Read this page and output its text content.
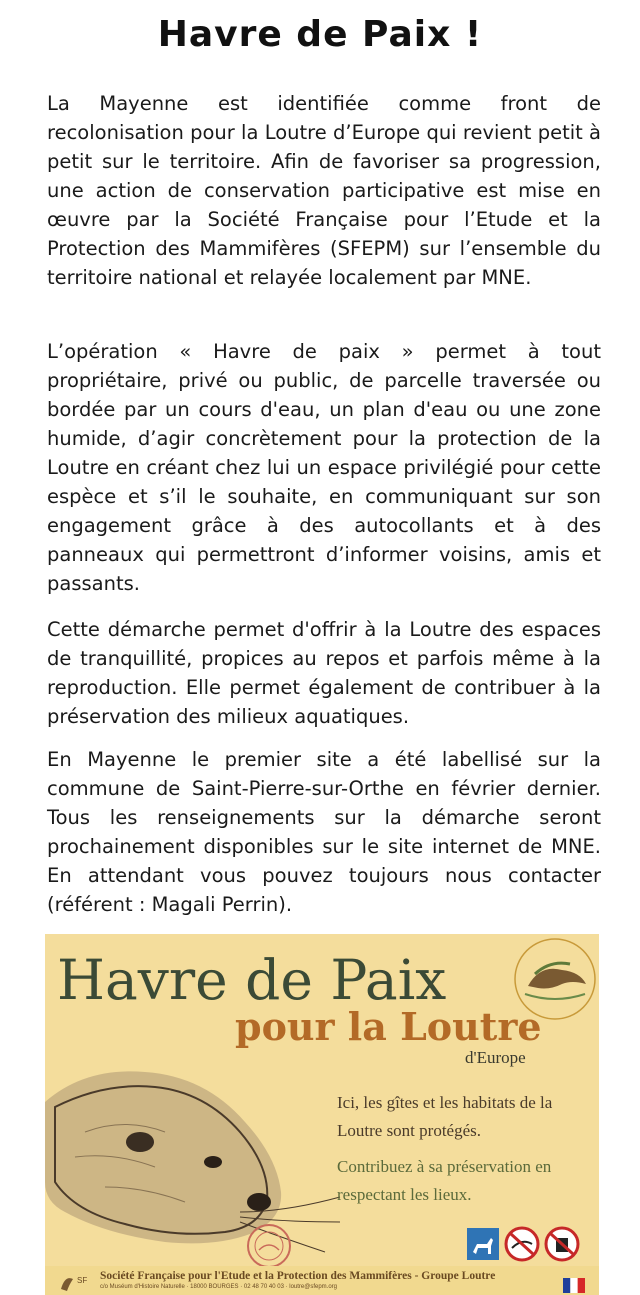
Havre de Paix !

La Mayenne est identifiée comme front de recolonisation pour la Loutre d’Europe qui revient petit à petit sur le territoire. Afin de favoriser sa progression, une action de conservation participative est mise en œuvre par la Société Française pour l’Etude et la Protection des Mammifères (SFEPM) sur l’ensemble du territoire national et relayée localement par MNE.

L’opération « Havre de paix » permet à tout propriétaire, privé ou public, de parcelle traversée ou bordée par un cours d'eau, un plan d'eau ou une zone humide, d’agir concrètement pour la protection de la Loutre en créant chez lui un espace privilégié pour cette espèce et s’il le souhaite, en communiquant sur son engagement grâce à des autocollants et à des panneaux qui permettront d’informer voisins, amis et passants.

Cette démarche permet d'offrir à la Loutre des espaces de tranquillité, propices au repos et parfois même à la reproduction. Elle permet également de contribuer à la préservation des milieux aquatiques.

En Mayenne le premier site a été labellisé sur la commune de Saint-Pierre-sur-Orthe en février dernier. Tous les renseignements sur la démarche seront prochainement disponibles sur le site internet de MNE. En attendant vous pouvez toujours nous contacter (référent : Magali Perrin).

Havre de Paix
pour la Loutre
d'Europe

Ici, les gîtes et les habitats de la Loutre sont protégés.

Contribuez à sa préservation en respectant les lieux.

SF Société Française pour l'Etude et la Protection des Mammifères - Groupe Loutre
c/o Muséum d'Histoire Naturelle · 18000 BOURGES · 02 48 70 40 03 · loutre@sfepm.org
